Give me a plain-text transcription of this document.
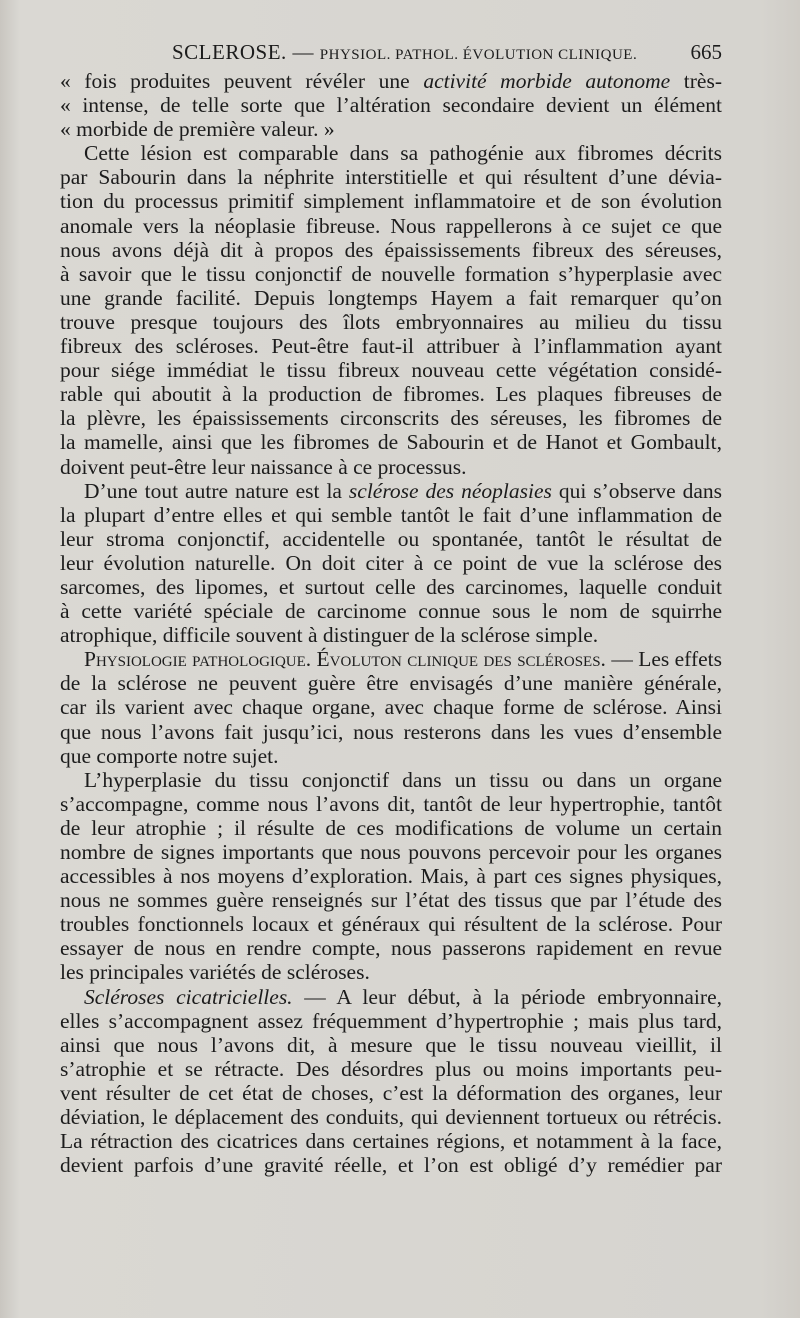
SCLEROSE. — PHYSIOL. PATHOL. ÉVOLUTION CLINIQUE.	665
« fois produites peuvent révéler une activité morbide autonome très-
« intense, de telle sorte que l’altération secondaire devient un élément
« morbide de première valeur. »
Cette lésion est comparable dans sa pathogénie aux fibromes décrits
par Sabourin dans la néphrite interstitielle et qui résultent d’une dévia-
tion du processus primitif simplement inflammatoire et de son évolution
anomale vers la néoplasie fibreuse. Nous rappellerons à ce sujet ce que
nous avons déjà dit à propos des épaississements fibreux des séreuses,
à savoir que le tissu conjonctif de nouvelle formation s’hyperplasie avec
une grande facilité. Depuis longtemps Hayem a fait remarquer qu’on
trouve presque toujours des îlots embryonnaires au milieu du tissu
fibreux des scléroses. Peut-être faut-il attribuer à l’inflammation ayant
pour siége immédiat le tissu fibreux nouveau cette végétation considé-
rable qui aboutit à la production de fibromes. Les plaques fibreuses de
la plèvre, les épaississements circonscrits des séreuses, les fibromes de
la mamelle, ainsi que les fibromes de Sabourin et de Hanot et Gombault,
doivent peut-être leur naissance à ce processus.
D’une tout autre nature est la sclérose des néoplasies qui s’observe dans
la plupart d’entre elles et qui semble tantôt le fait d’une inflammation de
leur stroma conjonctif, accidentelle ou spontanée, tantôt le résultat de
leur évolution naturelle. On doit citer à ce point de vue la sclérose des
sarcomes, des lipomes, et surtout celle des carcinomes, laquelle conduit
à cette variété spéciale de carcinome connue sous le nom de squirrhe
atrophique, difficile souvent à distinguer de la sclérose simple.
Physiologie pathologique. Évoluton clinique des scléroses. — Les effets
de la sclérose ne peuvent guère être envisagés d’une manière générale,
car ils varient avec chaque organe, avec chaque forme de sclérose. Ainsi
que nous l’avons fait jusqu’ici, nous resterons dans les vues d’ensemble
que comporte notre sujet.
L’hyperplasie du tissu conjonctif dans un tissu ou dans un organe
s’accompagne, comme nous l’avons dit, tantôt de leur hypertrophie, tantôt
de leur atrophie ; il résulte de ces modifications de volume un certain
nombre de signes importants que nous pouvons percevoir pour les organes
accessibles à nos moyens d’exploration. Mais, à part ces signes physiques,
nous ne sommes guère renseignés sur l’état des tissus que par l’étude des
troubles fonctionnels locaux et généraux qui résultent de la sclérose. Pour
essayer de nous en rendre compte, nous passerons rapidement en revue
les principales variétés de scléroses.
Scléroses cicatricielles. — A leur début, à la période embryonnaire,
elles s’accompagnent assez fréquemment d’hypertrophie ; mais plus tard,
ainsi que nous l’avons dit, à mesure que le tissu nouveau vieillit, il
s’atrophie et se rétracte. Des désordres plus ou moins importants peu-
vent résulter de cet état de choses, c’est la déformation des organes, leur
déviation, le déplacement des conduits, qui deviennent tortueux ou rétrécis.
La rétraction des cicatrices dans certaines régions, et notamment à la face,
devient parfois d’une gravité réelle, et l’on est obligé d’y remédier par
